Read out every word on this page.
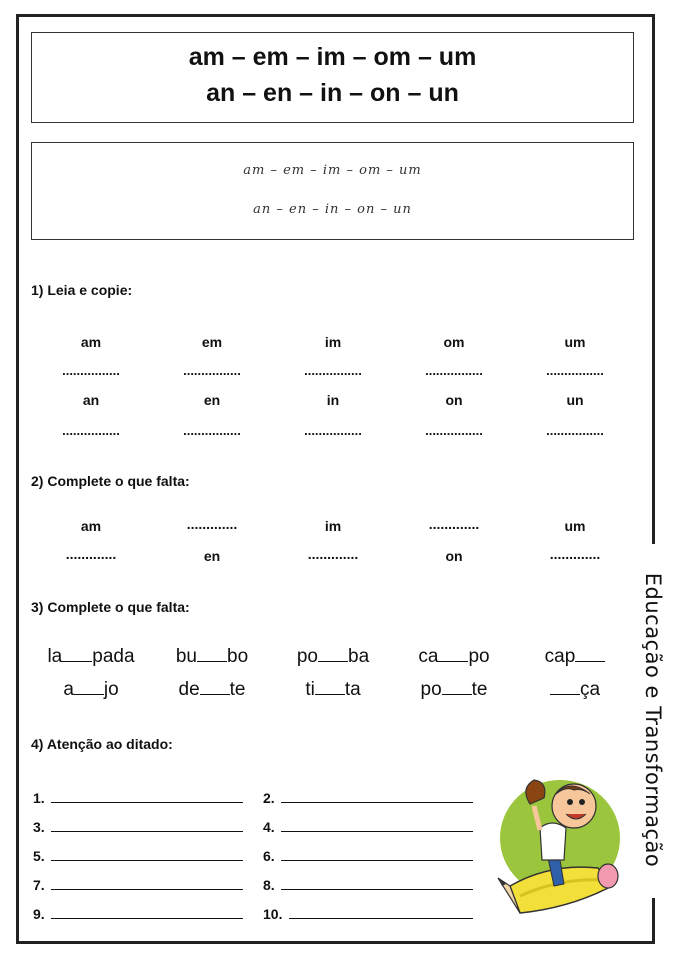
Educação e Transformação
am – em – im – om – um
an – en – in – on – un
am – em – im – om – um
an – en – in – on – un
1) Leia e copie:
am	em	im	om	um
................	................	................	................	................
an	en	in	on	un
................	................	................	................	................
2) Complete o que falta:
am	.............	im	.............	um
.............	en	.............	on	.............
3) Complete o que falta:
la pada	bu bo	po ba	ca po	cap
a jo	de te	ti ta	po te	ça
4) Atenção ao ditado:
1.	2.
3.	4.
5.	6.
7.	8.
9.	10.
